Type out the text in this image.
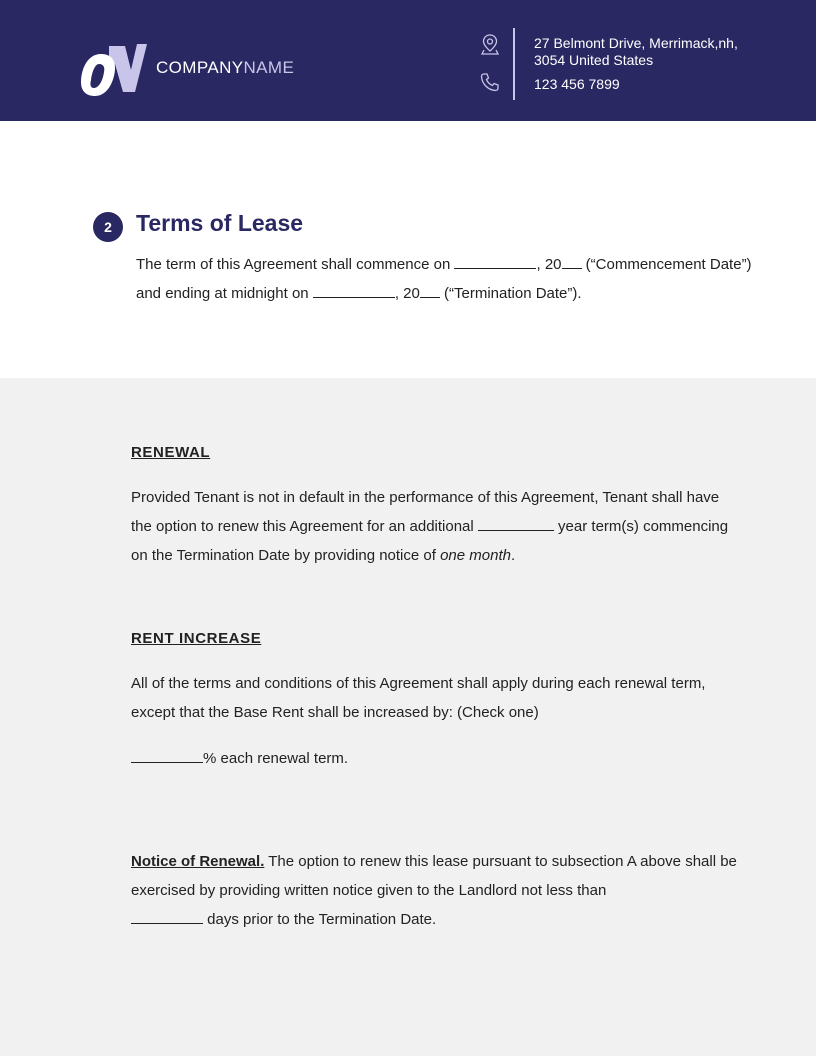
COMPANYNAME
27 Belmont Drive, Merrimack,nh,
3054 United States
123 456 7899
2	Terms of Lease
The term of this Agreement shall commence on	, 20 (“Commencement Date”) and ending at midnight on	, 20 (“Termination Date”).
RENEWAL
Provided Tenant is not in default in the performance of this Agreement, Tenant shall have the option to renew this Agreement for an additional	year term(s) commencing on the Termination Date by providing notice of one month.
RENT INCREASE
All of the terms and conditions of this Agreement shall apply during each renewal term, except that the Base Rent shall be increased by: (Check one)
% each renewal term.
Notice of Renewal. The option to renew this lease pursuant to subsection A above shall be exercised by providing written notice given to the Landlord not less than
days prior to the Termination Date.
